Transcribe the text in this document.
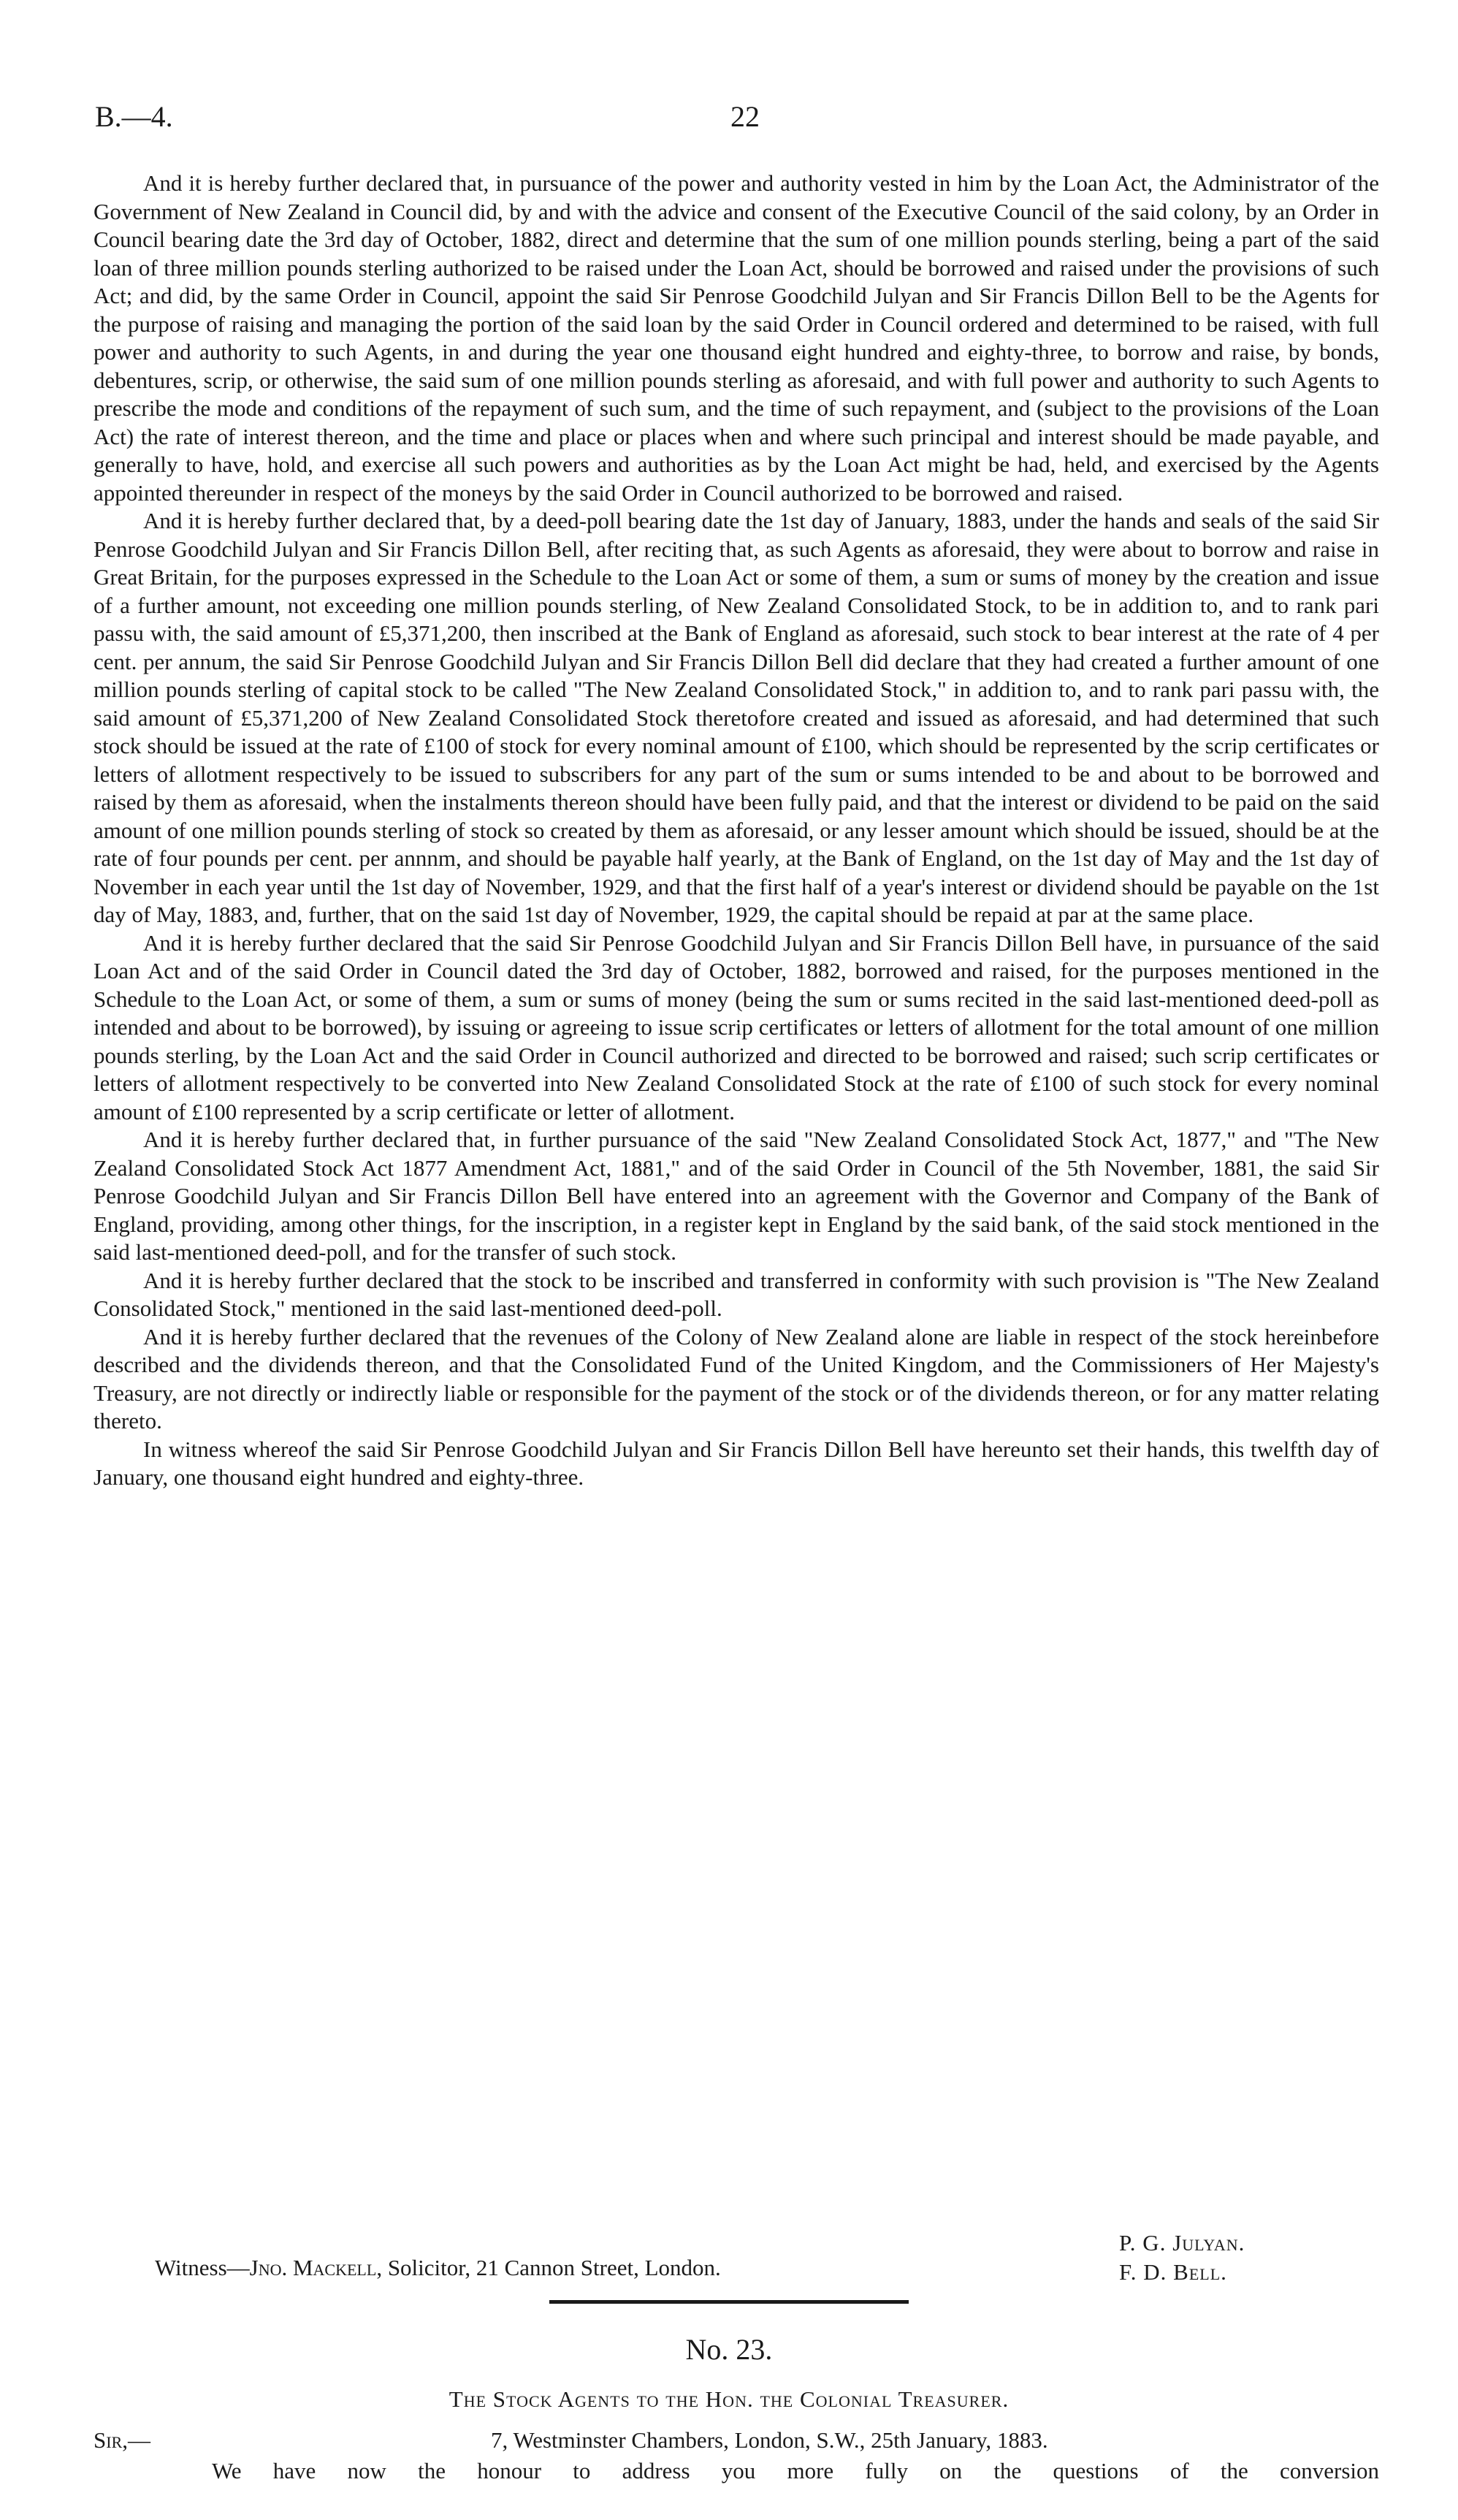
B.—4.	22

And it is hereby further declared that, in pursuance of the power and authority vested in him by the Loan Act, the Administrator of the Government of New Zealand in Council did, by and with the advice and consent of the Executive Council of the said colony, by an Order in Council bearing date the 3rd day of October, 1882, direct and determine that the sum of one million pounds sterling, being a part of the said loan of three million pounds sterling authorized to be raised under the Loan Act, should be borrowed and raised under the provisions of such Act; and did, by the same Order in Council, appoint the said Sir Penrose Goodchild Julyan and Sir Francis Dillon Bell to be the Agents for the purpose of raising and managing the portion of the said loan by the said Order in Council ordered and determined to be raised, with full power and authority to such Agents, in and during the year one thousand eight hundred and eighty-three, to borrow and raise, by bonds, debentures, scrip, or otherwise, the said sum of one million pounds sterling as aforesaid, and with full power and authority to such Agents to prescribe the mode and conditions of the repayment of such sum, and the time of such repayment, and (subject to the provisions of the Loan Act) the rate of interest thereon, and the time and place or places when and where such principal and interest should be made payable, and generally to have, hold, and exercise all such powers and authorities as by the Loan Act might be had, held, and exercised by the Agents appointed thereunder in respect of the moneys by the said Order in Council authorized to be borrowed and raised.

And it is hereby further declared that, by a deed-poll bearing date the 1st day of January, 1883, under the hands and seals of the said Sir Penrose Goodchild Julyan and Sir Francis Dillon Bell, after reciting that, as such Agents as aforesaid, they were about to borrow and raise in Great Britain, for the purposes expressed in the Schedule to the Loan Act or some of them, a sum or sums of money by the creation and issue of a further amount, not exceeding one million pounds sterling, of New Zealand Consolidated Stock, to be in addition to, and to rank pari passu with, the said amount of £5,371,200, then inscribed at the Bank of England as aforesaid, such stock to bear interest at the rate of 4 per cent. per annum, the said Sir Penrose Goodchild Julyan and Sir Francis Dillon Bell did declare that they had created a further amount of one million pounds sterling of capital stock to be called "The New Zealand Consolidated Stock," in addition to, and to rank pari passu with, the said amount of £5,371,200 of New Zealand Consolidated Stock theretofore created and issued as aforesaid, and had determined that such stock should be issued at the rate of £100 of stock for every nominal amount of £100, which should be represented by the scrip certificates or letters of allotment respectively to be issued to subscribers for any part of the sum or sums intended to be and about to be borrowed and raised by them as aforesaid, when the instalments thereon should have been fully paid, and that the interest or dividend to be paid on the said amount of one million pounds sterling of stock so created by them as aforesaid, or any lesser amount which should be issued, should be at the rate of four pounds per cent. per annnm, and should be payable half yearly, at the Bank of England, on the 1st day of May and the 1st day of November in each year until the 1st day of November, 1929, and that the first half of a year's interest or dividend should be payable on the 1st day of May, 1883, and, further, that on the said 1st day of November, 1929, the capital should be repaid at par at the same place.

And it is hereby further declared that the said Sir Penrose Goodchild Julyan and Sir Francis Dillon Bell have, in pursuance of the said Loan Act and of the said Order in Council dated the 3rd day of October, 1882, borrowed and raised, for the purposes mentioned in the Schedule to the Loan Act, or some of them, a sum or sums of money (being the sum or sums recited in the said last-mentioned deed-poll as intended and about to be borrowed), by issuing or agreeing to issue scrip certificates or letters of allotment for the total amount of one million pounds sterling, by the Loan Act and the said Order in Council authorized and directed to be borrowed and raised; such scrip certificates or letters of allotment respectively to be converted into New Zealand Consolidated Stock at the rate of £100 of such stock for every nominal amount of £100 represented by a scrip certificate or letter of allotment.

And it is hereby further declared that, in further pursuance of the said "New Zealand Consolidated Stock Act, 1877," and "The New Zealand Consolidated Stock Act 1877 Amendment Act, 1881," and of the said Order in Council of the 5th November, 1881, the said Sir Penrose Goodchild Julyan and Sir Francis Dillon Bell have entered into an agreement with the Governor and Company of the Bank of England, providing, among other things, for the inscription, in a register kept in England by the said bank, of the said stock mentioned in the said last-mentioned deed-poll, and for the transfer of such stock.

And it is hereby further declared that the stock to be inscribed and transferred in conformity with such provision is "The New Zealand Consolidated Stock," mentioned in the said last-mentioned deed-poll.

And it is hereby further declared that the revenues of the Colony of New Zealand alone are liable in respect of the stock hereinbefore described and the dividends thereon, and that the Consolidated Fund of the United Kingdom, and the Commissioners of Her Majesty's Treasury, are not directly or indirectly liable or responsible for the payment of the stock or of the dividends thereon, or for any matter relating thereto.

In witness whereof the said Sir Penrose Goodchild Julyan and Sir Francis Dillon Bell have hereunto set their hands, this twelfth day of January, one thousand eight hundred and eighty-three.

P. G. Julyan.
F. D. Bell.
Witness—Jno. Mackell, Solicitor, 21 Cannon Street, London.
No. 23.
The Stock Agents to the Hon. the Colonial Treasurer.
Sir,—	7, Westminster Chambers, London, S.W., 25th January, 1883.
We have now the honour to address you more fully on the questions of the conversion
